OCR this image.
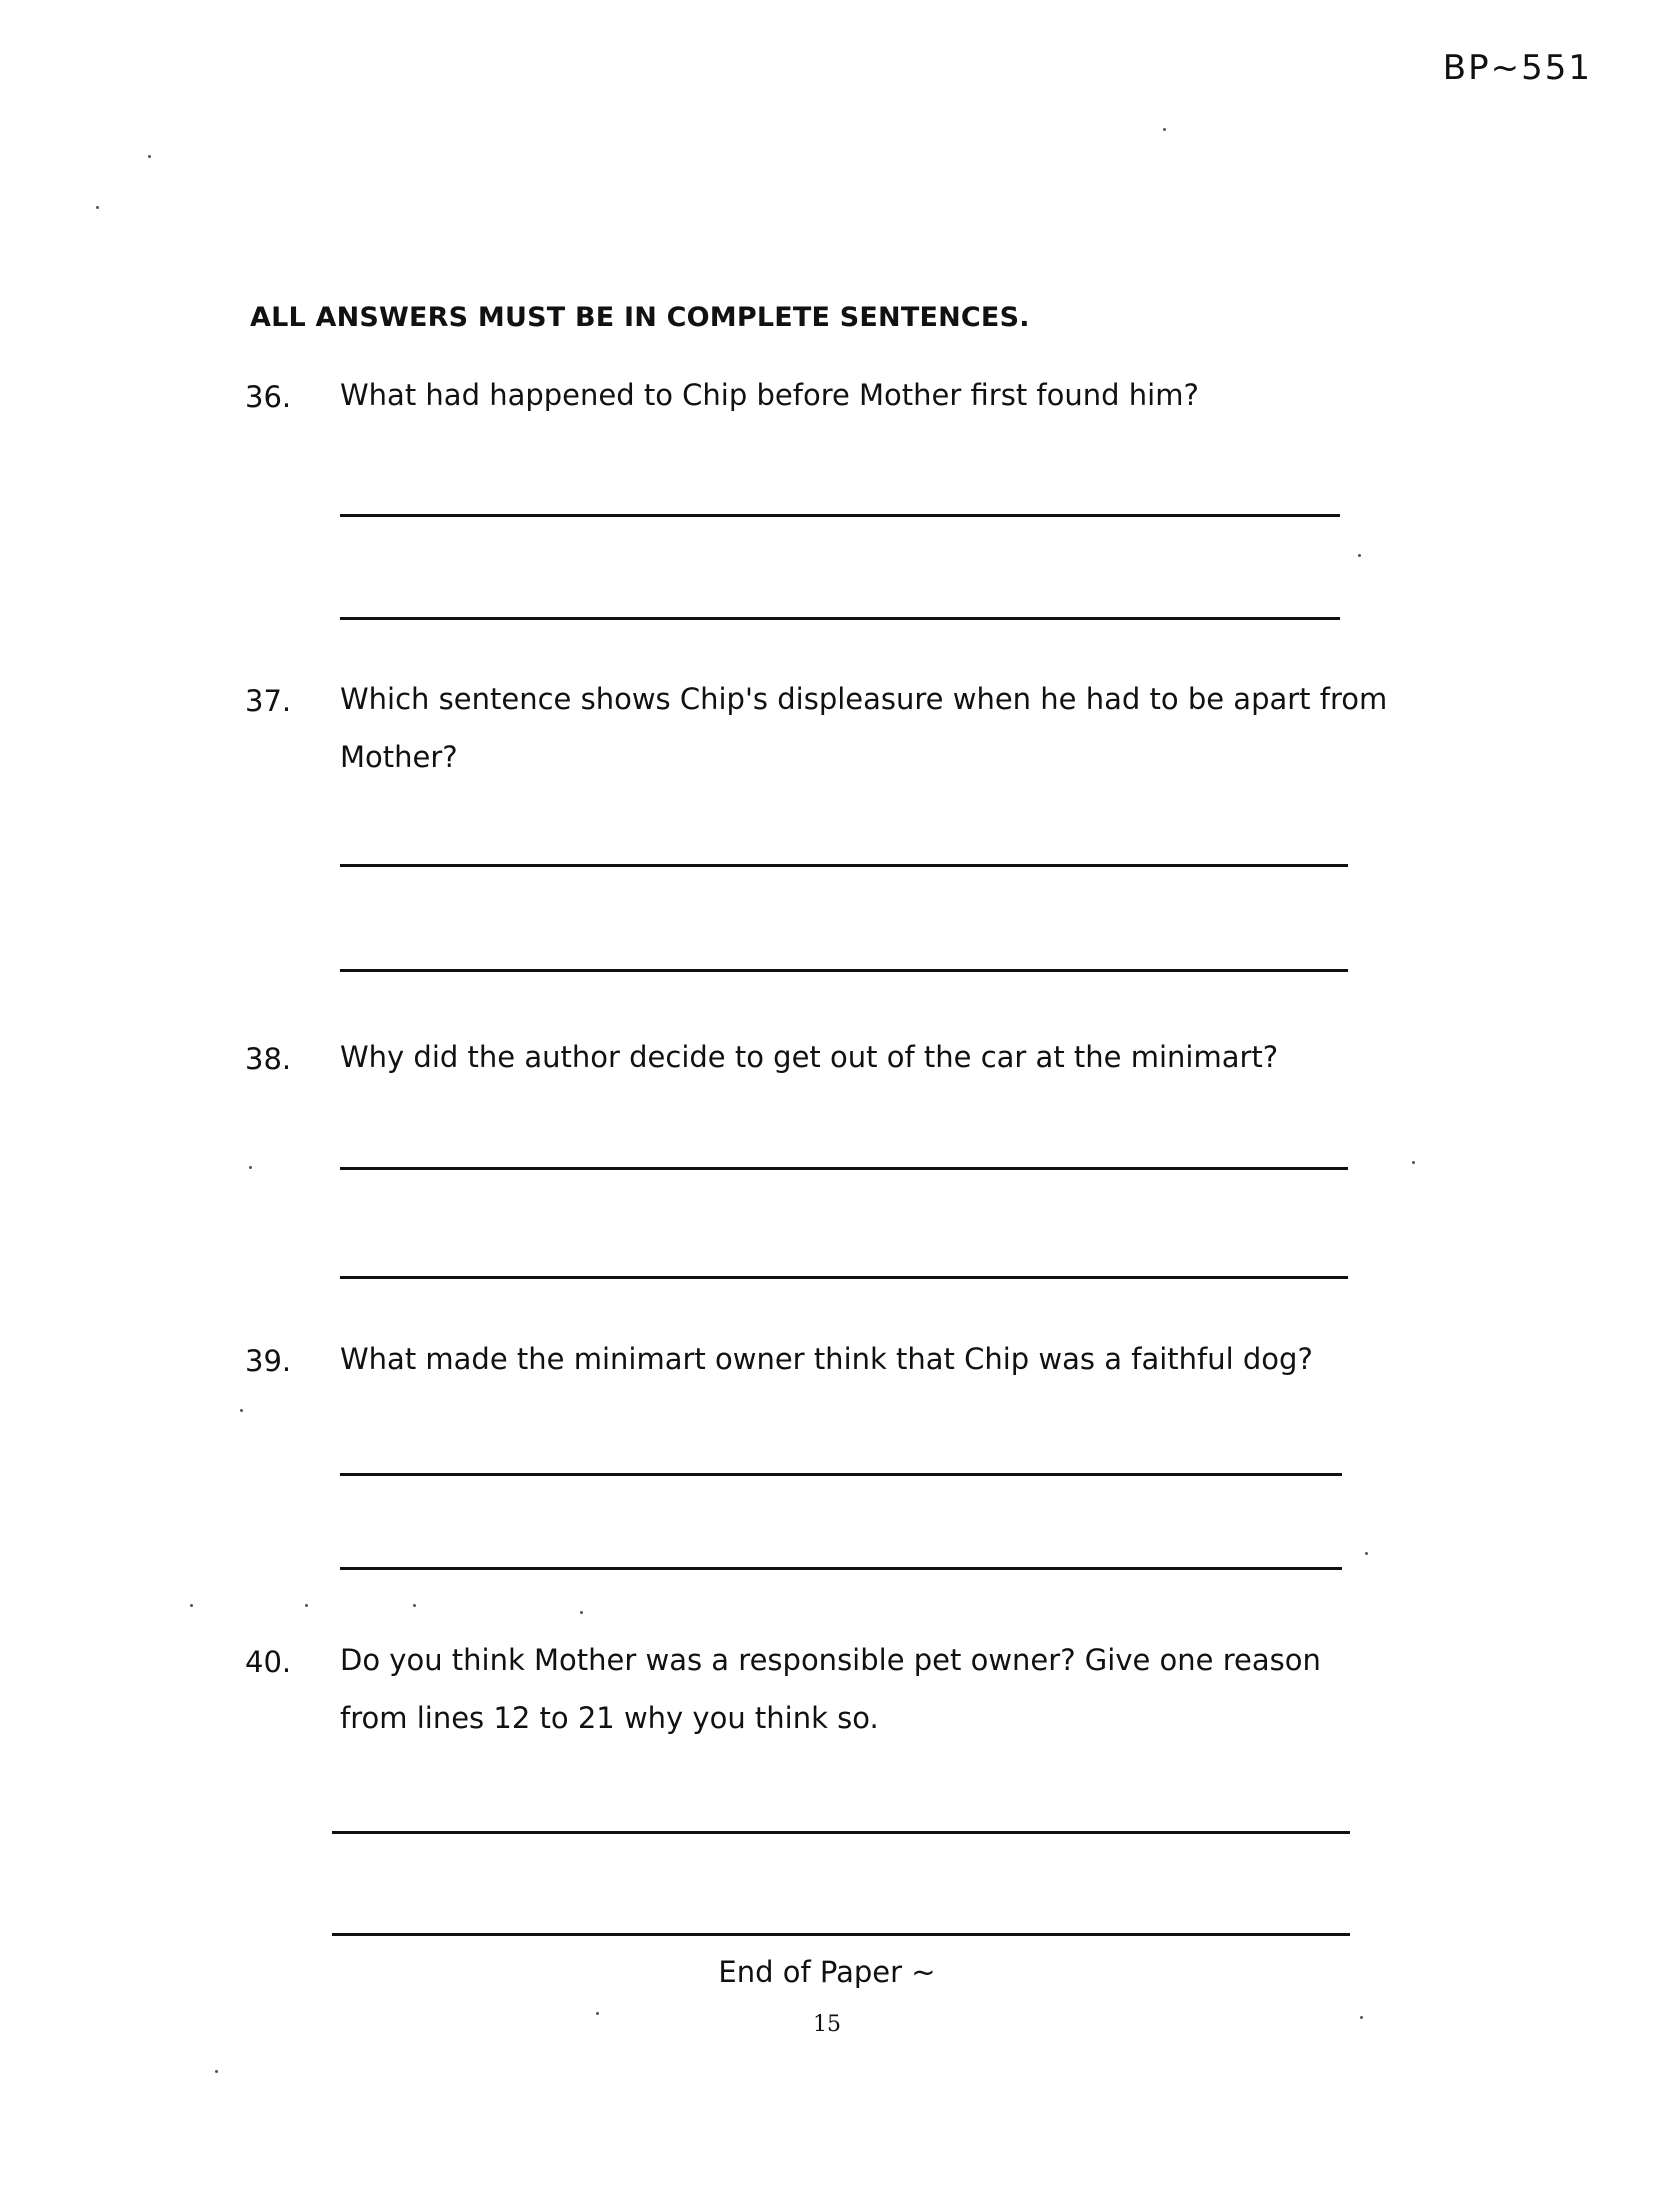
BP~551
ALL ANSWERS MUST BE IN COMPLETE SENTENCES.
36. What had happened to Chip before Mother first found him?
37. Which sentence shows Chip's displeasure when he had to be apart from Mother?
38. Why did the author decide to get out of the car at the minimart?
39. What made the minimart owner think that Chip was a faithful dog?
40. Do you think Mother was a responsible pet owner? Give one reason from lines 12 to 21 why you think so.
End of Paper ~
15
